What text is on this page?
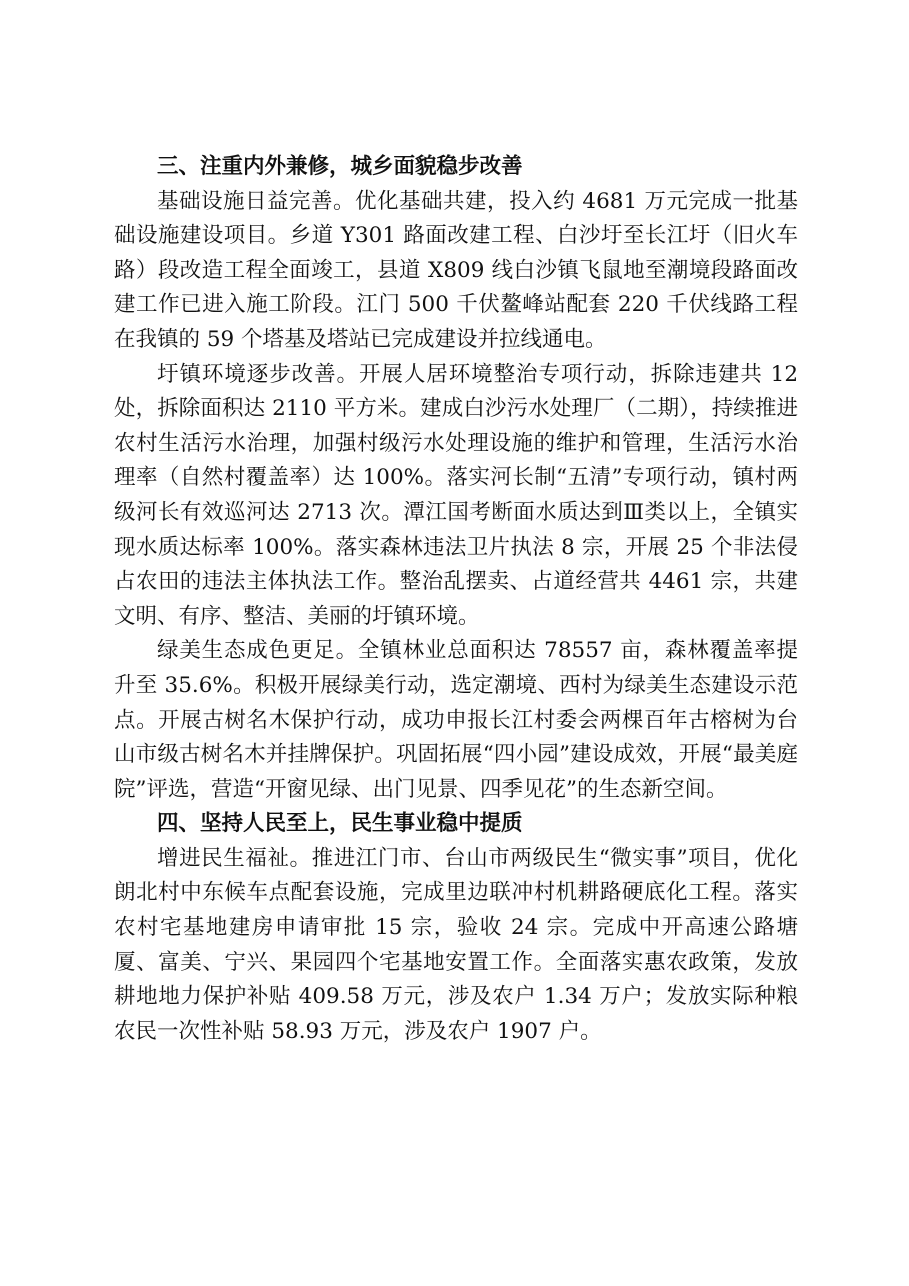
三、注重内外兼修，城乡面貌稳步改善

基础设施日益完善。优化基础共建，投入约 4681 万元完成一批基础设施建设项目。乡道 Y301 路面改建工程、白沙圩至长江圩（旧火车路）段改造工程全面竣工，县道 X809 线白沙镇飞鼠地至潮境段路面改建工作已进入施工阶段。江门 500 千伏鳌峰站配套 220 千伏线路工程在我镇的 59 个塔基及塔站已完成建设并拉线通电。

圩镇环境逐步改善。开展人居环境整治专项行动，拆除违建共 12 处，拆除面积达 2110 平方米。建成白沙污水处理厂（二期），持续推进农村生活污水治理，加强村级污水处理设施的维护和管理，生活污水治理率（自然村覆盖率）达 100%。落实河长制“五清”专项行动，镇村两级河长有效巡河达 2713 次。潭江国考断面水质达到Ⅲ类以上，全镇实现水质达标率 100%。落实森林违法卫片执法 8 宗，开展 25 个非法侵占农田的违法主体执法工作。整治乱摆卖、占道经营共 4461 宗，共建文明、有序、整洁、美丽的圩镇环境。

绿美生态成色更足。全镇林业总面积达 78557 亩，森林覆盖率提升至 35.6%。积极开展绿美行动，选定潮境、西村为绿美生态建设示范点。开展古树名木保护行动，成功申报长江村委会两棵百年古榕树为台山市级古树名木并挂牌保护。巩固拓展“四小园”建设成效，开展“最美庭院”评选，营造“开窗见绿、出门见景、四季见花”的生态新空间。

四、坚持人民至上，民生事业稳中提质

增进民生福祉。推进江门市、台山市两级民生“微实事”项目，优化朗北村中东候车点配套设施，完成里边联冲村机耕路硬底化工程。落实农村宅基地建房申请审批 15 宗，验收 24 宗。完成中开高速公路塘厦、富美、宁兴、果园四个宅基地安置工作。全面落实惠农政策，发放耕地地力保护补贴 409.58 万元，涉及农户 1.34 万户；发放实际种粮农民一次性补贴 58.93 万元，涉及农户 1907 户。
